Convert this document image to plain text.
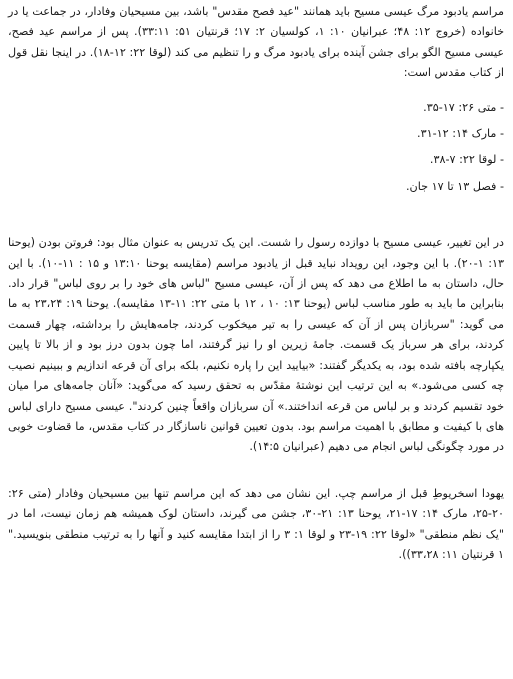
مراسم یادبود مرگ عیسی مسیح باید همانند "عید فصح مقدس" باشد، بین مسیحیان وفادار، در جماعت یا در خانواده (خروج ۱۲: ۴۸؛ عبرانیان ۱۰: ۱، کولسیان ۲: ۱۷؛ قرنتیان ۵۱: ۳۳:۱۱). پس از مراسم عید فصح، عیسی مسیح الگو برای جشن آینده برای یادبود مرگ و را تنظیم می کند (لوقا ۲۲: ۱۲-۱۸). در اینجا نقل قول از کتاب مقدس است:

- متی ۲۶: ۱۷-۳۵.
- مارک ۱۴: ۱۲-۳۱.
- لوقا ۲۲: ۷-۳۸.
- فصل ۱۳ تا ۱۷ جان.

در این تغییر، عیسی مسیح با دوازده رسول را شست. این یک تدریس به عنوان مثال بود: فروتن بودن (یوحنا ۱۳: ۱-۲۰). با این وجود، این رویداد نباید قبل از یادبود مراسم (مقایسه یوحنا ۱۳:۱۰ و ۱۵ : ۱۱-۱۰). با این حال، داستان به ما اطلاع می دهد که پس از آن، عیسی مسیح "لباس های خود را بر روی لباس" قرار داد. بنابراین ما باید به طور مناسب لباس (یوحنا ۱۳: ۱۰ ، ۱۲ با متی ۲۲: ۱۱-۱۳ مقایسه). یوحنا ۱۹: ۲۳،۲۴ به ما می گوید: "سربازان پس از آن که عیسی را به تیر میخکوب کردند، جامه‌هایش را برداشته، چهار قسمت کردند، برای هر سرباز یک قسمت. جامهٔ زیرین او را نیز گرفتند، اما چون بدون درز بود و از بالا تا پایین یکپارچه بافته شده بود، به یکدیگر گفتند: «بیایید این را پاره نکنیم، بلکه برای آن قرعه اندازیم و ببینیم نصیب چه کسی می‌شود.» به این ترتیب این نوشتهٔ مقدّس به تحقق رسید که می‌گوید: «آنان جامه‌های مرا میان خود تقسیم کردند و بر لباس من قرعه انداختند.» آن سربازان واقعاً چنین کردند". عیسی مسیح دارای لباس های با کیفیت و مطابق با اهمیت مراسم بود. بدون تعیین قوانین ناسازگار در کتاب مقدس، ما قضاوت خوبی در مورد چگونگی لباس انجام می دهیم (عبرانیان ۱۴:۵).

یهودا اسخریوطِ قبل از مراسم چپ. این نشان می دهد که این مراسم تنها بین مسیحیان وفادار (متی ۲۶: ۲۰-۲۵، مارک ۱۴: ۱۷-۲۱، یوحنا ۱۳: ۲۱-۳۰، جشن می گیرند، داستان لوک همیشه هم زمان نیست، اما در "یک نظم منطقی" «لوقا ۲۲: ۱۹-۲۳ و لوقا ۱: ۳ را از ابتدا مقایسه کنید و آنها را به ترتیب منطقی بنویسید." ۱ قرنتیان ۱۱: ۳۳،۲۸)).
